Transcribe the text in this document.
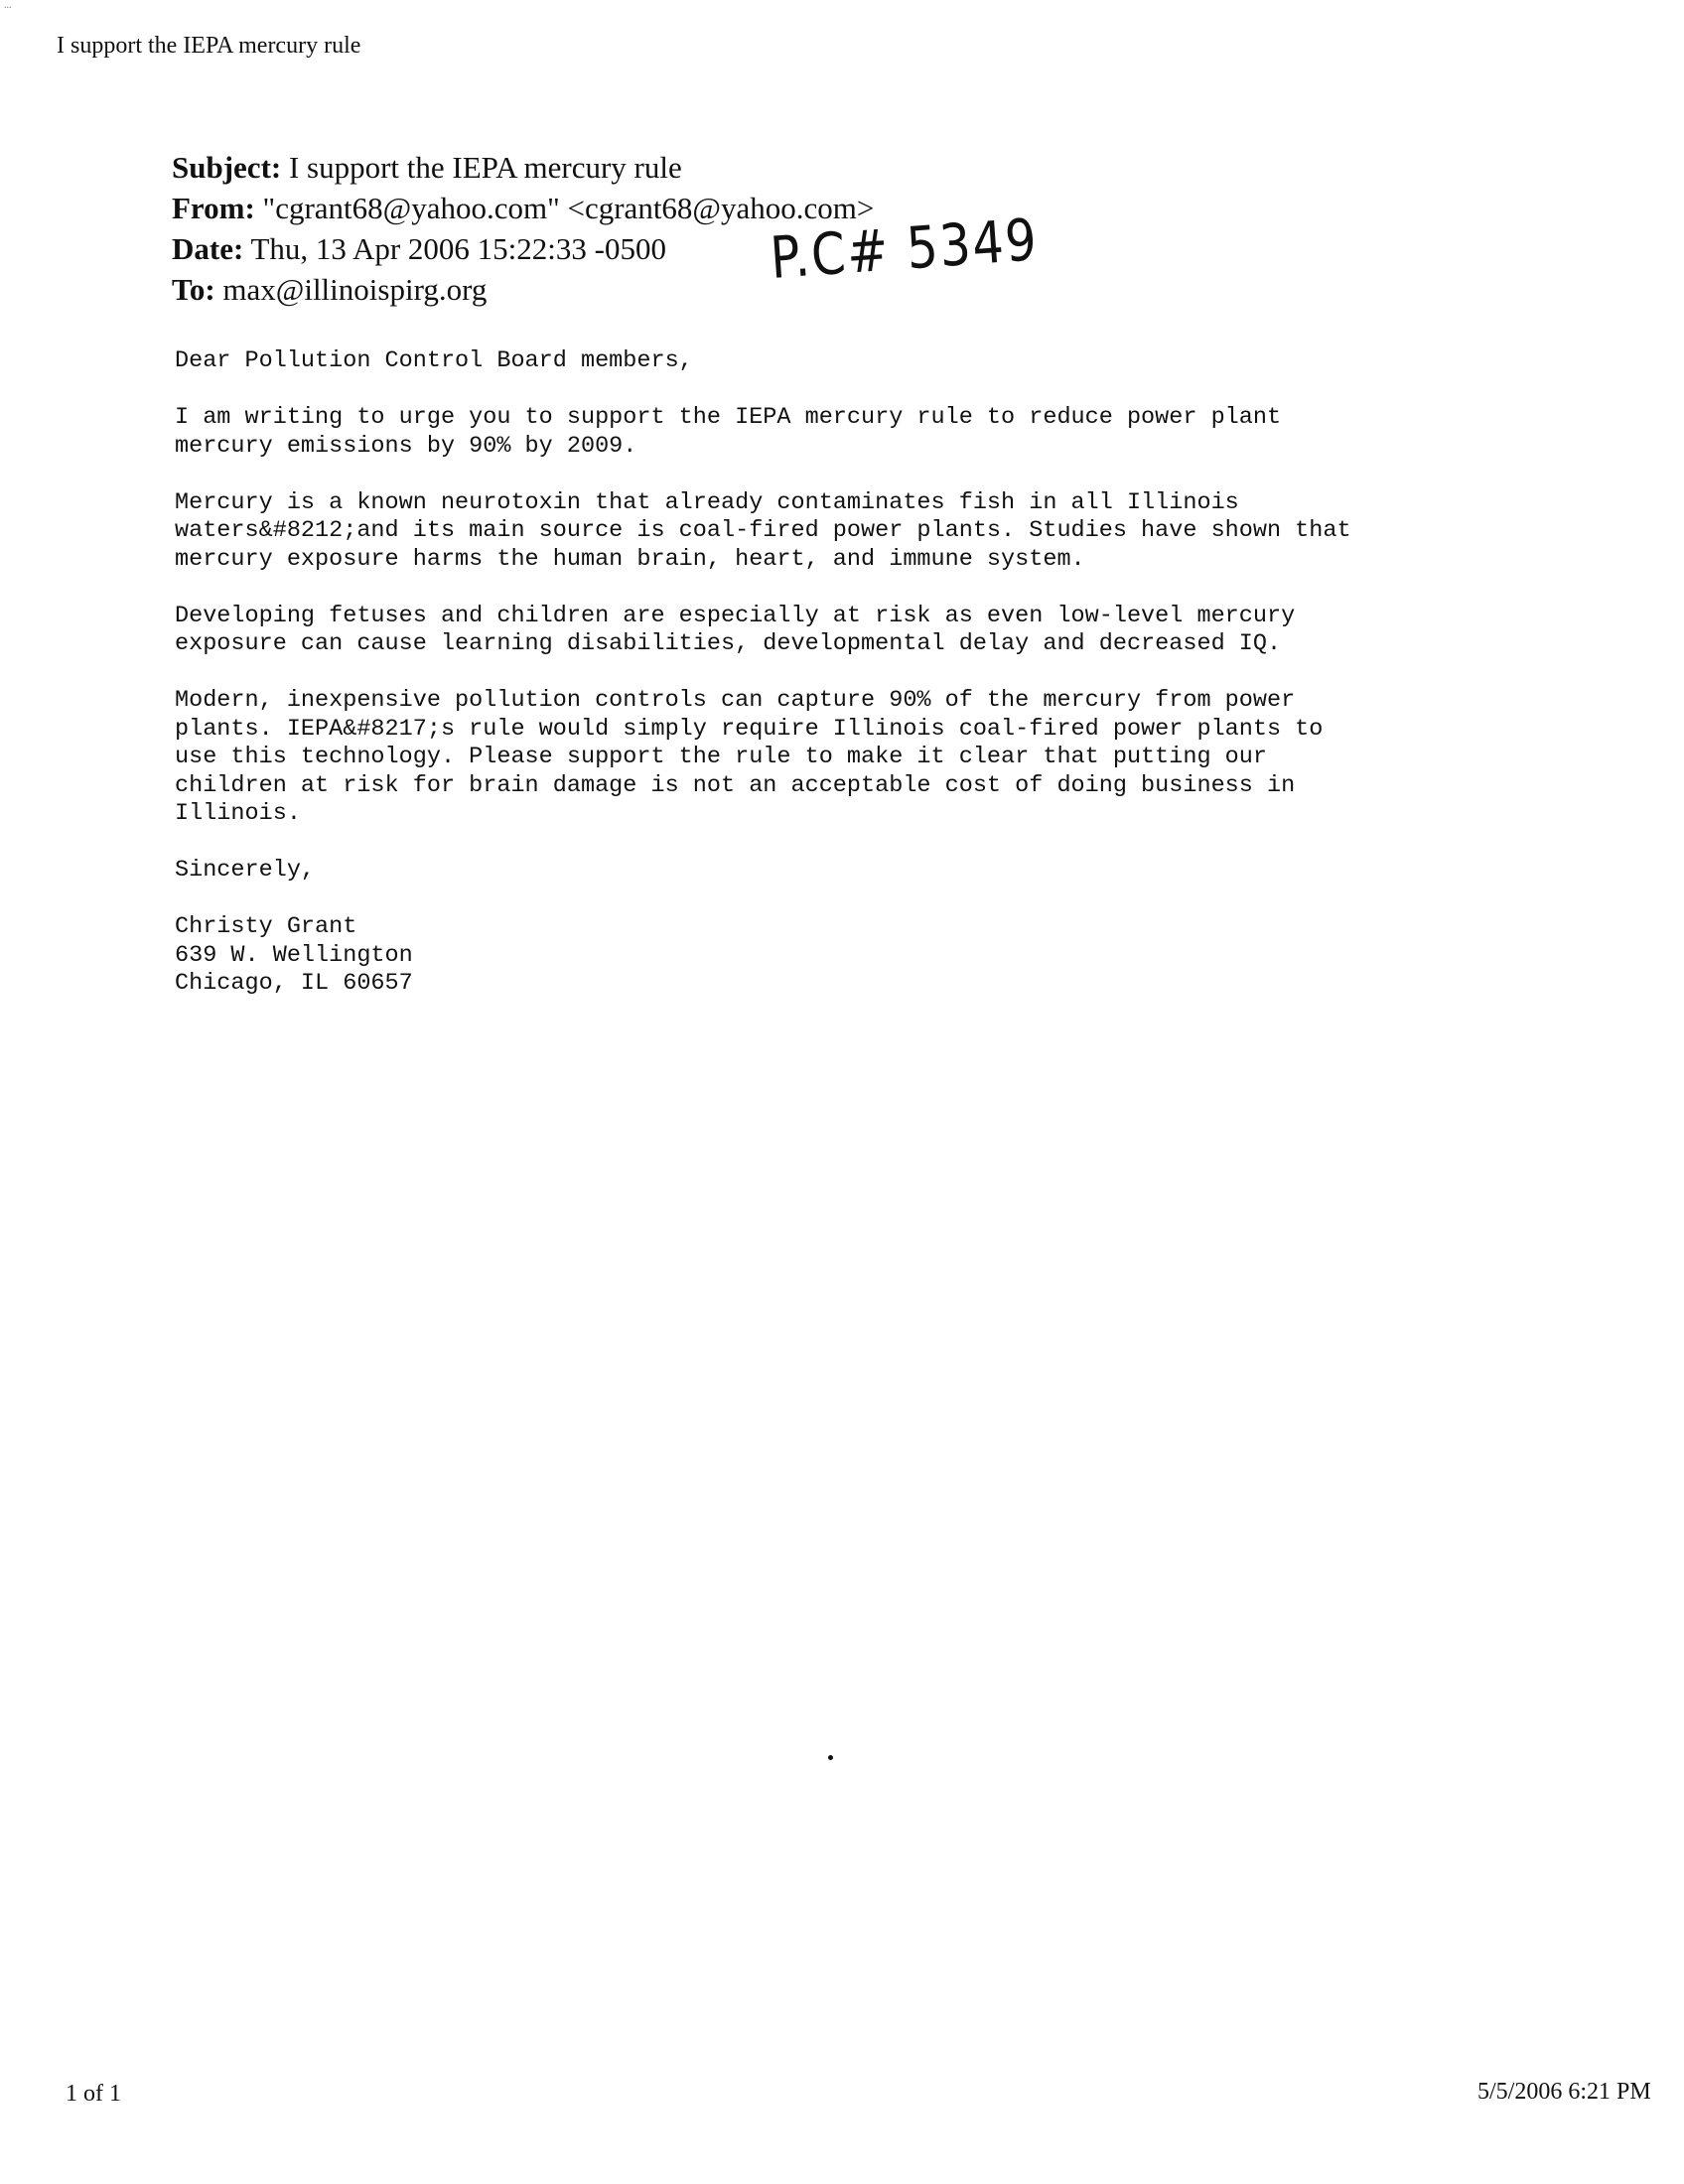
...
I support the IEPA mercury rule
Subject: I support the IEPA mercury rule
From: "cgrant68@yahoo.com" <cgrant68@yahoo.com>
Date: Thu, 13 Apr 2006 15:22:33 -0500
To: max@illinoispirg.org	P.C# 5349

Dear Pollution Control Board members,

I am writing to urge you to support the IEPA mercury rule to reduce power plant
mercury emissions by 90% by 2009.

Mercury is a known neurotoxin that already contaminates fish in all Illinois
waters&#8212;and its main source is coal-fired power plants. Studies have shown that
mercury exposure harms the human brain, heart, and immune system.

Developing fetuses and children are especially at risk as even low-level mercury
exposure can cause learning disabilities, developmental delay and decreased IQ.

Modern, inexpensive pollution controls can capture 90% of the mercury from power
plants. IEPA&#8217;s rule would simply require Illinois coal-fired power plants to
use this technology. Please support the rule to make it clear that putting our
children at risk for brain damage is not an acceptable cost of doing business in
Illinois.

Sincerely,

Christy Grant
639 W. Wellington
Chicago, IL 60657
1 of 1	5/5/2006 6:21 PM
